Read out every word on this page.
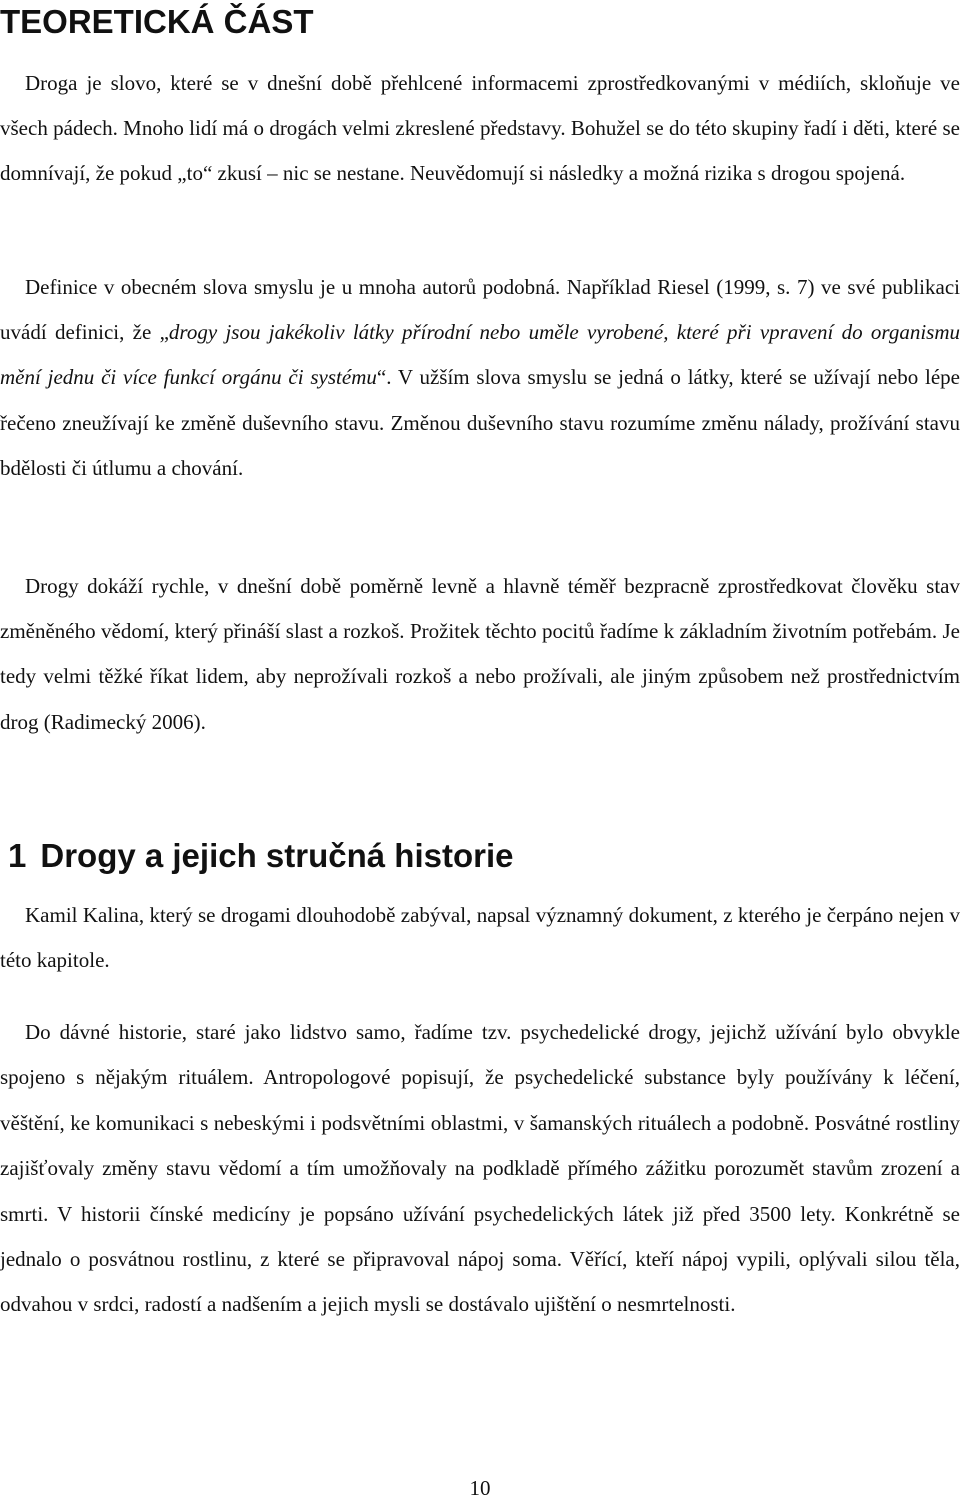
TEORETICKÁ ČÁST

Droga je slovo, které se v dnešní době přehlcené informacemi zprostředkovanými v médiích, skloňuje ve všech pádech. Mnoho lidí má o drogách velmi zkreslené představy. Bohužel se do této skupiny řadí i děti, které se domnívají, že pokud „to“ zkusí – nic se nestane. Neuvědomují si následky a možná rizika s drogou spojená.

Definice v obecném slova smyslu je u mnoha autorů podobná. Například Riesel (1999, s. 7) ve své publikaci uvádí definici, že „drogy jsou jakékoliv látky přírodní nebo uměle vyrobené, které při vpravení do organismu mění jednu či více funkcí orgánu či systému“. V užším slova smyslu se jedná o látky, které se užívají nebo lépe řečeno zneužívají ke změně duševního stavu. Změnou duševního stavu rozumíme změnu nálady, prožívání stavu bdělosti či útlumu a chování.

Drogy dokáží rychle, v dnešní době poměrně levně a hlavně téměř bezpracně zprostředkovat člověku stav změněného vědomí, který přináší slast a rozkoš. Prožitek těchto pocitů řadíme k základním životním potřebám. Je tedy velmi těžké říkat lidem, aby neprožívali rozkoš a nebo prožívali, ale jiným způsobem než prostřednictvím drog (Radimecký 2006).

1 Drogy a jejich stručná historie

Kamil Kalina, který se drogami dlouhodobě zabýval, napsal významný dokument, z kterého je čerpáno nejen v této kapitole.

Do dávné historie, staré jako lidstvo samo, řadíme tzv. psychedelické drogy, jejichž užívání bylo obvykle spojeno s nějakým rituálem. Antropologové popisují, že psychedelické substance byly používány k léčení, věštění, ke komunikaci s nebeskými i podsvětními oblastmi, v šamanských rituálech a podobně. Posvátné rostliny zajišťovaly změny stavu vědomí a tím umožňovaly na podkladě přímého zážitku porozumět stavům zrození a smrti. V historii čínské medicíny je popsáno užívání psychedelických látek již před 3500 lety. Konkrétně se jednalo o posvátnou rostlinu, z které se připravoval nápoj soma. Věřící, kteří nápoj vypili, oplývali silou těla, odvahou v srdci, radostí a nadšením a jejich mysli se dostávalo ujištění o nesmrtelnosti.

10
